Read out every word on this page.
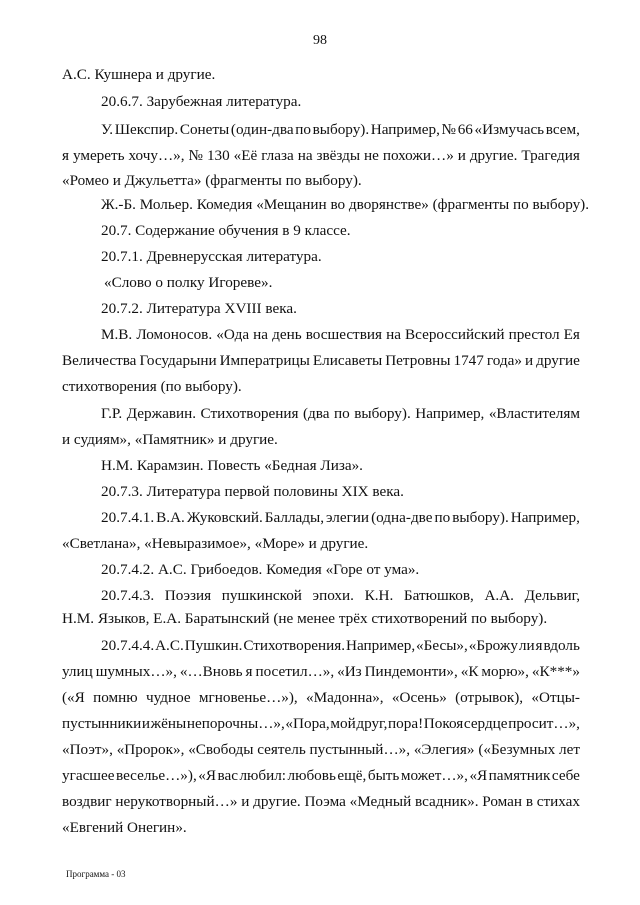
98
А.С. Кушнера и другие.
20.6.7. Зарубежная литература.
У. Шекспир. Сонеты (один-два по выбору). Например, № 66 «Измучась всем,
я умереть хочу…», № 130 «Её глаза на звёзды не похожи…» и другие. Трагедия
«Ромео и Джульетта» (фрагменты по выбору).
Ж.-Б. Мольер. Комедия «Мещанин во дворянстве» (фрагменты по выбору).
20.7. Содержание обучения в 9 классе.
20.7.1. Древнерусская литература.
«Слово о полку Игореве».
20.7.2. Литература XVIII века.
М.В. Ломоносов. «Ода на день восшествия на Всероссийский престол Ея
Величества Государыни Императрицы Елисаветы Петровны 1747 года» и другие
стихотворения (по выбору).
Г.Р. Державин. Стихотворения (два по выбору). Например, «Властителям
и судиям», «Памятник» и другие.
Н.М. Карамзин. Повесть «Бедная Лиза».
20.7.3. Литература первой половины XIX века.
20.7.4.1. В.А. Жуковский. Баллады, элегии (одна-две по выбору). Например,
«Светлана», «Невыразимое», «Море» и другие.
20.7.4.2. А.С. Грибоедов. Комедия «Горе от ума».
20.7.4.3. Поэзия пушкинской эпохи. К.Н. Батюшков, А.А. Дельвиг,
Н.М. Языков, Е.А. Баратынский (не менее трёх стихотворений по выбору).
20.7.4.4. А.С. Пушкин. Стихотворения. Например, «Бесы», «Брожу ли я вдоль
улиц шумных…», «…Вновь я посетил…», «Из Пиндемонти», «К морю», «К***»
(«Я помню чудное мгновенье…»), «Мадонна», «Осень» (отрывок), «Отцы-
пустынники и жёны непорочны…», «Пора, мой друг, пора! Покоя сердце просит…»,
«Поэт», «Пророк», «Свободы сеятель пустынный…», «Элегия» («Безумных лет
угасшее веселье…»), «Я вас любил: любовь ещё, быть может…», «Я памятник себе
воздвиг нерукотворный…» и другие. Поэма «Медный всадник». Роман в стихах
«Евгений Онегин».
Программа - 03
